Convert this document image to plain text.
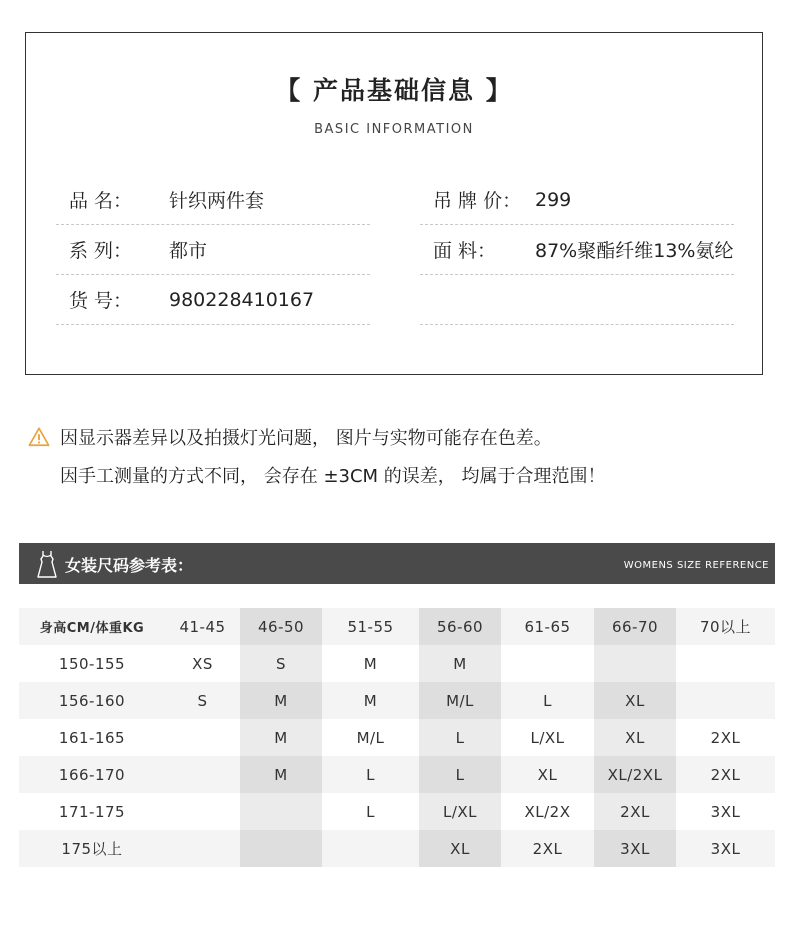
【 产品基础信息 】
BASIC INFORMATION
品 名：	针织两件套
系 列：	都市
货 号：	980228410167
吊 牌 价： 299
面 料：	87%聚酯纤维13%氨纶
因显示器差异以及拍摄灯光问题， 图片与实物可能存在色差。
因手工测量的方式不同， 会存在 ±3CM 的误差， 均属于合理范围！
女装尺码参考表：	WOMENS SIZE REFERENCE
身高CM/体重KG	41-45	46-50	51-55	56-60	61-65	66-70	70以上
150-155	XS	S	M	M			
156-160	S	M	M	M/L	L	XL	
161-165		M	M/L	L	L/XL	XL	2XL
166-170		M	L	L	XL	XL/2XL	2XL
171-175			L	L/XL	XL/2X	2XL	3XL
175以上				XL	2XL	3XL	3XL
